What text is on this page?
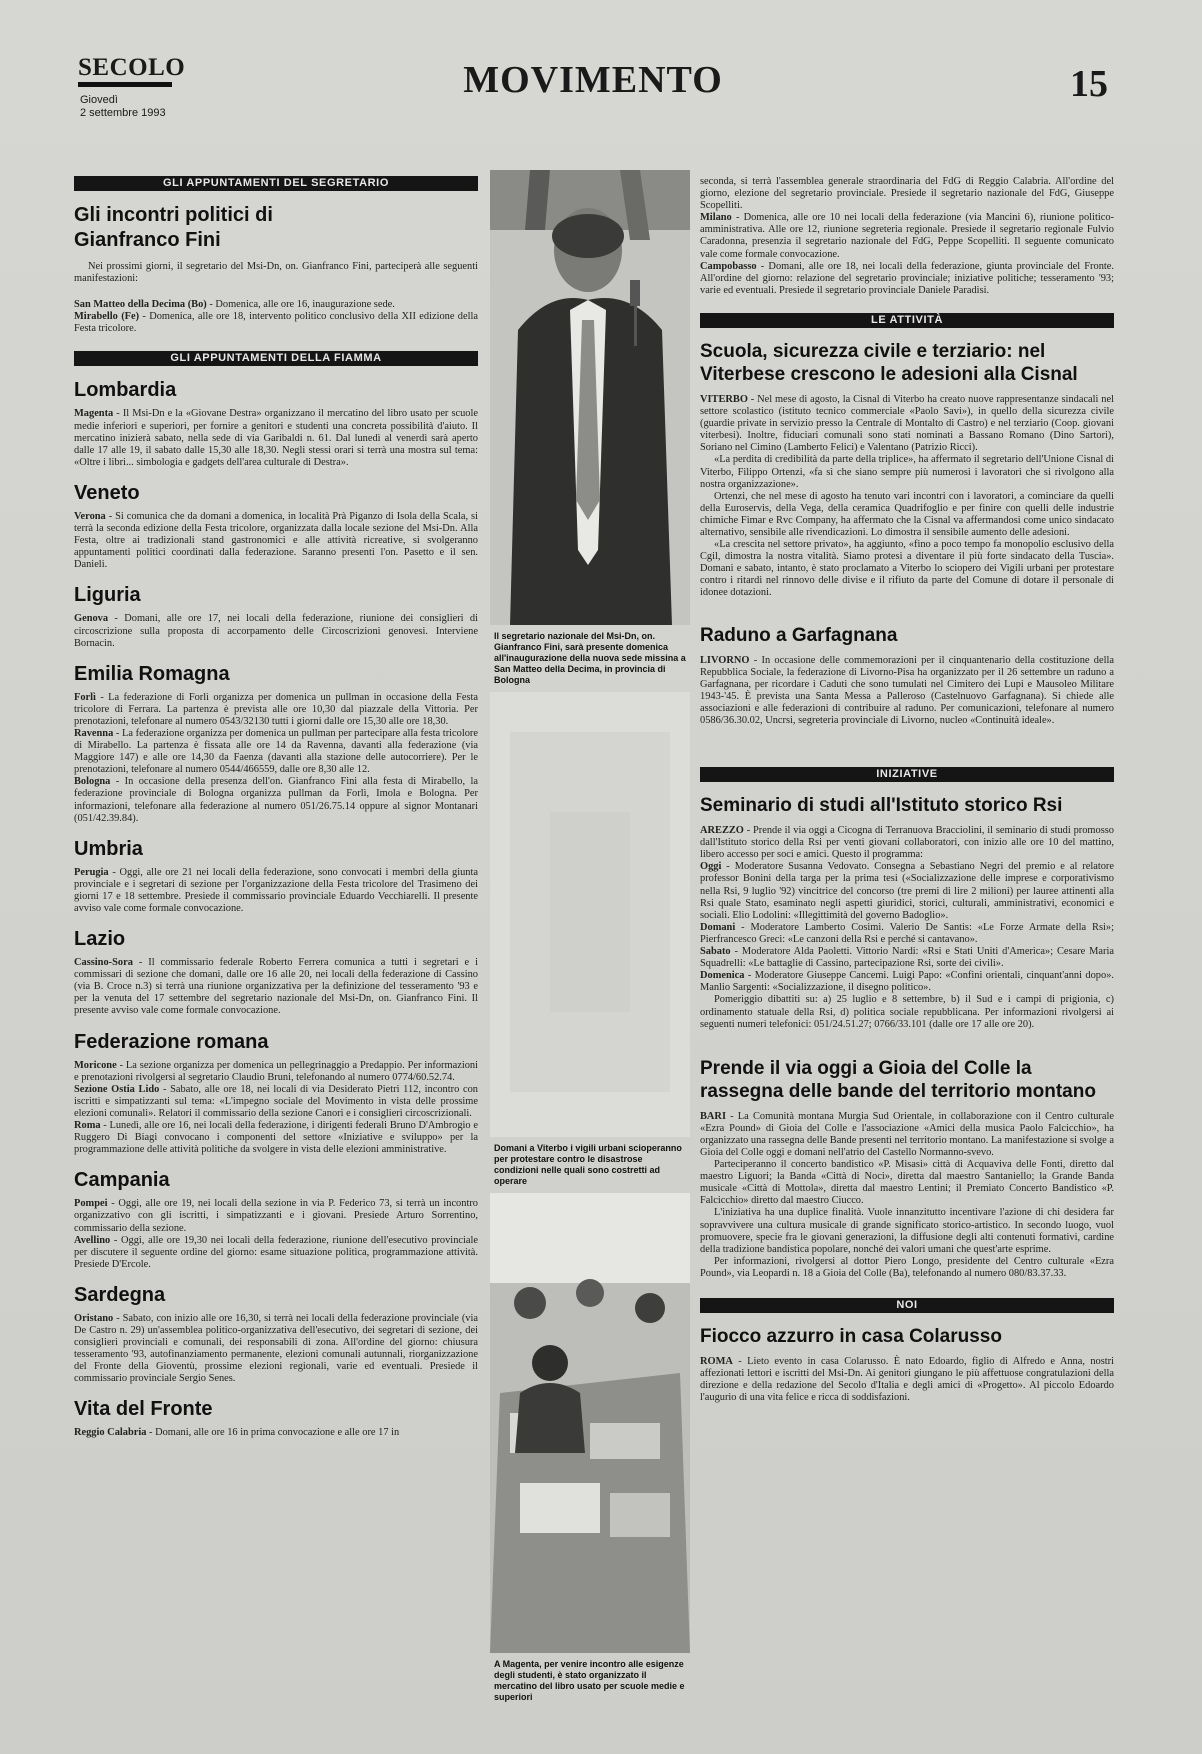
SECOLO
Giovedì
2 settembre 1993
MOVIMENTO	15
GLI APPUNTAMENTI DEL SEGRETARIO
Gli incontri politici di Gianfranco Fini

Nei prossimi giorni, il segretario del Msi-Dn, on. Gianfranco Fini, parteciperà alle seguenti manifestazioni:

San Matteo della Decima (Bo) - Domenica, alle ore 16, inaugurazione sede.

Mirabello (Fe) - Domenica, alle ore 18, intervento politico conclusivo della XII edizione della Festa tricolore.

GLI APPUNTAMENTI DELLA FIAMMA
Lombardia

Magenta - Il Msi-Dn e la «Giovane Destra» organizzano il mercatino del libro usato per scuole medie inferiori e superiori, per fornire a genitori e studenti una concreta possibilità d'aiuto. Il mercatino inizierà sabato, nella sede di via Garibaldi n. 61. Dal lunedì al venerdì sarà aperto dalle 17 alle 19, il sabato dalle 15,30 alle 18,30. Negli stessi orari si terrà una mostra sul tema: «Oltre i libri... simbologia e gadgets dell'area culturale di Destra».

Veneto

Verona - Si comunica che da domani a domenica, in località Prà Piganzo di Isola della Scala, si terrà la seconda edizione della Festa tricolore, organizzata dalla locale sezione del Msi-Dn. Alla Festa, oltre ai tradizionali stand gastronomici e alle attività ricreative, si svolgeranno appuntamenti politici coordinati dalla federazione. Saranno presenti l'on. Pasetto e il sen. Danieli.

Liguria

Genova - Domani, alle ore 17, nei locali della federazione, riunione dei consiglieri di circoscrizione sulla proposta di accorpamento delle Circoscrizioni genovesi. Interviene Bornacin.

Emilia Romagna

Forlì - La federazione di Forlì organizza per domenica un pullman in occasione della Festa tricolore di Ferrara. La partenza è prevista alle ore 10,30 dal piazzale della Vittoria. Per prenotazioni, telefonare al numero 0543/32130 tutti i giorni dalle ore 15,30 alle ore 18,30.

Ravenna - La federazione organizza per domenica un pullman per partecipare alla festa tricolore di Mirabello. La partenza è fissata alle ore 14 da Ravenna, davanti alla federazione (via Maggiore 147) e alle ore 14,30 da Faenza (davanti alla stazione delle autocorriere). Per le prenotazioni, telefonare al numero 0544/466559, dalle ore 8,30 alle 12.

Bologna - In occasione della presenza dell'on. Gianfranco Fini alla festa di Mirabello, la federazione provinciale di Bologna organizza pullman da Forlì, Imola e Bologna. Per informazioni, telefonare alla federazione al numero 051/26.75.14 oppure al signor Montanari (051/42.39.84).

Umbria

Perugia - Oggi, alle ore 21 nei locali della federazione, sono convocati i membri della giunta provinciale e i segretari di sezione per l'organizzazione della Festa tricolore del Trasimeno dei giorni 17 e 18 settembre. Presiede il commissario provinciale Eduardo Vecchiarelli. Il presente avviso vale come formale convocazione.

Lazio

Cassino-Sora - Il commissario federale Roberto Ferrera comunica a tutti i segretari e i commissari di sezione che domani, dalle ore 16 alle 20, nei locali della federazione di Cassino (via B. Croce n.3) si terrà una riunione organizzativa per la definizione del tesseramento '93 e per la venuta del 17 settembre del segretario nazionale del Msi-Dn, on. Gianfranco Fini. Il presente avviso vale come formale convocazione.

Federazione romana

Moricone - La sezione organizza per domenica un pellegrinaggio a Predappio. Per informazioni e prenotazioni rivolgersi al segretario Claudio Bruni, telefonando al numero 0774/60.52.74.

Sezione Ostia Lido - Sabato, alle ore 18, nei locali di via Desiderato Pietri 112, incontro con iscritti e simpatizzanti sul tema: «L'impegno sociale del Movimento in vista delle prossime elezioni comunali». Relatori il commissario della sezione Canori e i consiglieri circoscrizionali.

Roma - Lunedì, alle ore 16, nei locali della federazione, i dirigenti federali Bruno D'Ambrogio e Ruggero Di Biagi convocano i componenti del settore «Iniziative e sviluppo» per la programmazione delle attività politiche da svolgere in vista delle elezioni amministrative.

Campania

Pompei - Oggi, alle ore 19, nei locali della sezione in via P. Federico 73, si terrà un incontro organizzativo con gli iscritti, i simpatizzanti e i giovani. Presiede Arturo Sorrentino, commissario della sezione.

Avellino - Oggi, alle ore 19,30 nei locali della federazione, riunione dell'esecutivo provinciale per discutere il seguente ordine del giorno: esame situazione politica, programmazione attività. Presiede D'Ercole.

Sardegna

Oristano - Sabato, con inizio alle ore 16,30, si terrà nei locali della federazione provinciale (via De Castro n. 29) un'assemblea politico-organizzativa dell'esecutivo, dei segretari di sezione, dei consiglieri provinciali e comunali, dei responsabili di zona. All'ordine del giorno: chiusura tesseramento '93, autofinanziamento permanente, elezioni comunali autunnali, riorganizzazione del Fronte della Gioventù, prossime elezioni regionali, varie ed eventuali. Presiede il commissario provinciale Sergio Senes.

Vita del Fronte

Reggio Calabria - Domani, alle ore 16 in prima convocazione e alle ore 17 in

Il segretario nazionale del Msi-Dn, on. Gianfranco Fini, sarà presente domenica all'inaugurazione della nuova sede missina a San Matteo della Decima, in provincia di Bologna
Domani a Viterbo i vigili urbani scioperanno per protestare contro le disastrose condizioni nelle quali sono costretti ad operare
A Magenta, per venire incontro alle esigenze degli studenti, è stato organizzato il mercatino del libro usato per scuole medie e superiori

seconda, si terrà l'assemblea generale straordinaria del FdG di Reggio Calabria. All'ordine del giorno, elezione del segretario provinciale. Presiede il segretario nazionale del FdG, Giuseppe Scopelliti.

Milano - Domenica, alle ore 10 nei locali della federazione (via Mancini 6), riunione politico-amministrativa. Alle ore 12, riunione segreteria regionale. Presiede il segretario regionale Fulvio Caradonna, presenzia il segretario nazionale del FdG, Peppe Scopelliti. Il seguente comunicato vale come formale convocazione.

Campobasso - Domani, alle ore 18, nei locali della federazione, giunta provinciale del Fronte. All'ordine del giorno: relazione del segretario provinciale; iniziative politiche; tesseramento '93; varie ed eventuali. Presiede il segretario provinciale Daniele Paradisi.

LE ATTIVITÀ
Scuola, sicurezza civile e terziario: nel Viterbese crescono le adesioni alla Cisnal

VITERBO - Nel mese di agosto, la Cisnal di Viterbo ha creato nuove rappresentanze sindacali nel settore scolastico (istituto tecnico commerciale «Paolo Savi»), in quello della sicurezza civile (guardie private in servizio presso la Centrale di Montalto di Castro) e nel terziario (Coop. giovani viterbesi). Inoltre, fiduciari comunali sono stati nominati a Bassano Romano (Dino Sartori), Soriano nel Cimino (Lamberto Felici) e Valentano (Patrizio Ricci).

«La perdita di credibilità da parte della triplice», ha affermato il segretario dell'Unione Cisnal di Viterbo, Filippo Ortenzi, «fa sì che siano sempre più numerosi i lavoratori che si rivolgono alla nostra organizzazione».

Ortenzi, che nel mese di agosto ha tenuto vari incontri con i lavoratori, a cominciare da quelli della Euroservis, della Vega, della ceramica Quadrifoglio e per finire con quelli delle industrie chimiche Fimar e Rvc Company, ha affermato che la Cisnal va affermandosi come unico sindacato alternativo, sensibile alle rivendicazioni. Lo dimostra il sensibile aumento delle adesioni.

«La crescita nel settore privato», ha aggiunto, «fino a poco tempo fa monopolio esclusivo della Cgil, dimostra la nostra vitalità. Siamo protesi a diventare il più forte sindacato della Tuscia». Domani e sabato, intanto, è stato proclamato a Viterbo lo sciopero dei Vigili urbani per protestare contro i ritardi nel rinnovo delle divise e il rifiuto da parte del Comune di dotare il personale di idonee dotazioni.

Raduno a Garfagnana

LIVORNO - In occasione delle commemorazioni per il cinquantenario della costituzione della Repubblica Sociale, la federazione di Livorno-Pisa ha organizzato per il 26 settembre un raduno a Garfagnana, per ricordare i Caduti che sono tumulati nel Cimitero dei Lupi e Mausoleo Militare 1943-'45. È prevista una Santa Messa a Palleroso (Castelnuovo Garfagnana). Si chiede alle associazioni e alle federazioni di contribuire al raduno. Per comunicazioni, telefonare al numero 0586/36.30.02, Uncrsi, segreteria provinciale di Livorno, nucleo «Continuità ideale».

INIZIATIVE
Seminario di studi all'Istituto storico Rsi

AREZZO - Prende il via oggi a Cicogna di Terranuova Bracciolini, il seminario di studi promosso dall'Istituto storico della Rsi per venti giovani collaboratori, con inizio alle ore 10 del mattino, libero accesso per soci e amici. Questo il programma:

Oggi - Moderatore Susanna Vedovato. Consegna a Sebastiano Negri del premio e al relatore professor Bonini della targa per la prima tesi («Socializzazione delle imprese e corporativismo nella Rsi, 9 luglio '92) vincitrice del concorso (tre premi di lire 2 milioni) per lauree attinenti alla Rsi quale Stato, esaminato negli aspetti giuridici, storici, culturali, amministrativi, economici e sociali. Elio Lodolini: «Illegittimità del governo Badoglio».

Domani - Moderatore Lamberto Cosimi. Valerio De Santis: «Le Forze Armate della Rsi»; Pierfrancesco Greci: «Le canzoni della Rsi e perché si cantavano».

Sabato - Moderatore Alda Paoletti. Vittorio Nardi: «Rsi e Stati Uniti d'America»; Cesare Maria Squadrelli: «Le battaglie di Cassino, partecipazione Rsi, sorte dei civili».

Domenica - Moderatore Giuseppe Cancemi. Luigi Papo: «Confini orientali, cinquant'anni dopo». Manlio Sargenti: «Socializzazione, il disegno politico».

Pomeriggio dibattiti su: a) 25 luglio e 8 settembre, b) il Sud e i campi di prigionia, c) ordinamento statuale della Rsi, d) politica sociale repubblicana. Per informazioni rivolgersi ai seguenti numeri telefonici: 051/24.51.27; 0766/33.101 (dalle ore 17 alle ore 20).

Prende il via oggi a Gioia del Colle la rassegna delle bande del territorio montano

BARI - La Comunità montana Murgia Sud Orientale, in collaborazione con il Centro culturale «Ezra Pound» di Gioia del Colle e l'associazione «Amici della musica Paolo Falcicchio», ha organizzato una rassegna delle Bande presenti nel territorio montano. La manifestazione si svolge a Gioia del Colle oggi e domani nell'atrio del Castello Normanno-svevo.

Parteciperanno il concerto bandistico «P. Misasi» città di Acquaviva delle Fonti, diretto dal maestro Liguori; la Banda «Città di Noci», diretta dal maestro Santaniello; la Grande Banda musicale «Città di Mottola», diretta dal maestro Lentini; il Premiato Concerto Bandistico «P. Falcicchio» diretto dal maestro Ciucco.

L'iniziativa ha una duplice finalità. Vuole innanzitutto incentivare l'azione di chi desidera far sopravvivere una cultura musicale di grande significato storico-artistico. In secondo luogo, vuol promuovere, specie fra le giovani generazioni, la diffusione degli alti contenuti formativi, cardine della tradizione bandistica popolare, nonché dei valori umani che quest'arte esprime.

Per informazioni, rivolgersi al dottor Piero Longo, presidente del Centro culturale «Ezra Pound», via Leopardi n. 18 a Gioia del Colle (Ba), telefonando al numero 080/83.37.33.

NOI
Fiocco azzurro in casa Colarusso

ROMA - Lieto evento in casa Colarusso. È nato Edoardo, figlio di Alfredo e Anna, nostri affezionati lettori e iscritti del Msi-Dn. Ai genitori giungano le più affettuose congratulazioni della direzione e della redazione del Secolo d'Italia e degli amici di «Progetto». Al piccolo Edoardo l'augurio di una vita felice e ricca di soddisfazioni.
